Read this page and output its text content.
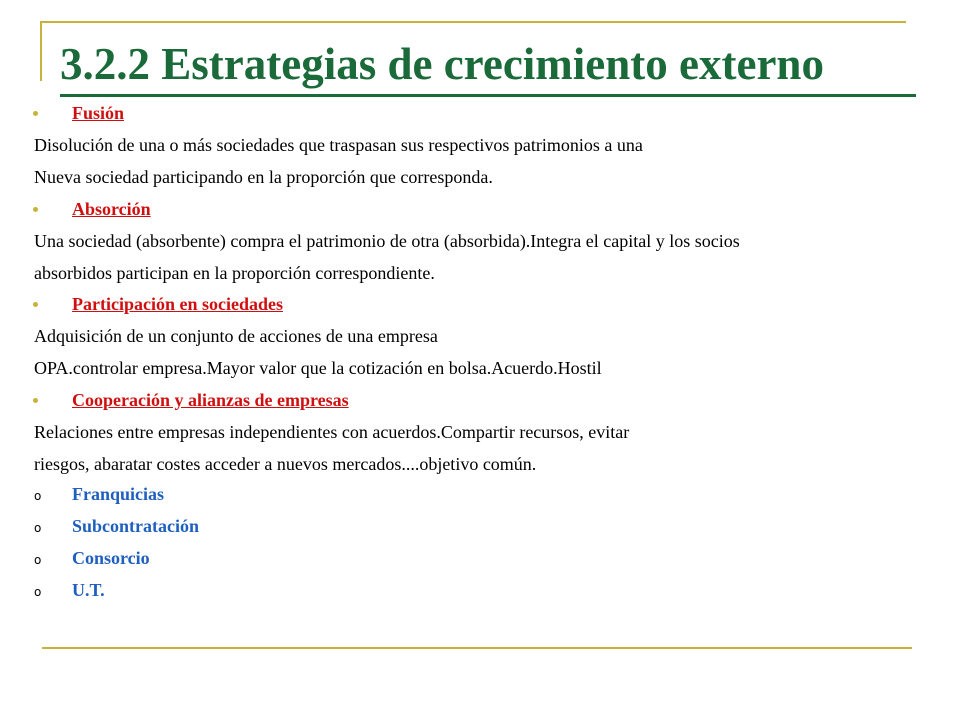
3.2.2 Estrategias de crecimiento externo
Fusión
Disolución de una o más sociedades que traspasan sus respectivos patrimonios a una
Nueva sociedad participando en la proporción que corresponda.
Absorción
Una sociedad (absorbente) compra el patrimonio de otra (absorbida).Integra el capital y los socios
absorbidos participan en la proporción correspondiente.
Participación en sociedades
Adquisición de un conjunto de acciones de una empresa
OPA.controlar empresa.Mayor valor que la cotización en bolsa.Acuerdo.Hostil
Cooperación y alianzas de empresas
Relaciones entre empresas independientes con acuerdos.Compartir recursos, evitar
riesgos, abaratar costes acceder a nuevos mercados....objetivo común.
o Franquicias
o Subcontratación
o Consorcio
o U.T.
